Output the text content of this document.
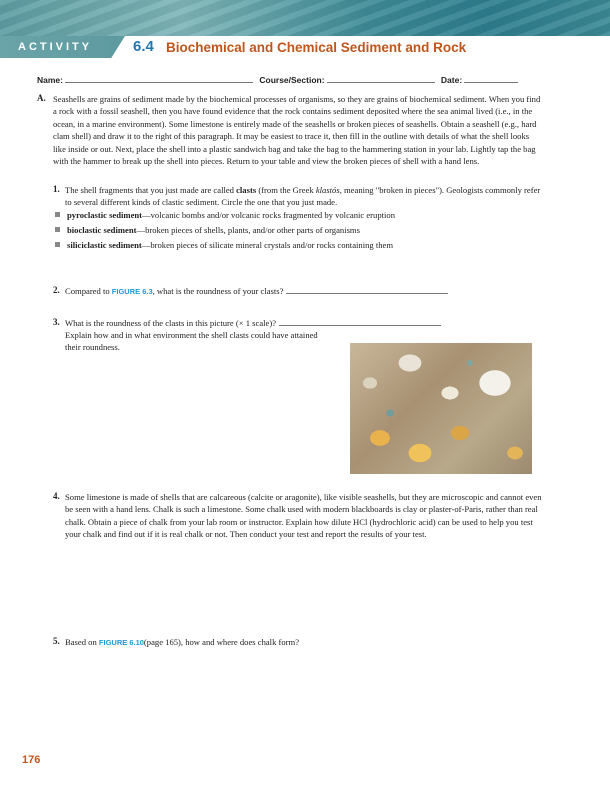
ACTIVITY	6.4 Biochemical and Chemical Sediment and Rock
Name:	Course/Section:	Date:
A. Seashells are grains of sediment made by the biochemical processes of organisms, so they are grains of biochemical sediment. When you find a rock with a fossil seashell, then you have found evidence that the rock contains sediment deposited where the sea animal lived (i.e., in the ocean, in a marine environment). Some limestone is entirely made of the seashells or broken pieces of seashells. Obtain a seashell (e.g., hard clam shell) and draw it to the right of this paragraph. It may be easiest to trace it, then fill in the outline with details of what the shell looks like inside or out. Next, place the shell into a plastic sandwich bag and take the bag to the hammering station in your lab. Lightly tap the bag with the hammer to break up the shell into pieces. Return to your table and view the broken pieces of shell with a hand lens.
1. The shell fragments that you just made are called clasts (from the Greek klastós, meaning "broken in pieces"). Geologists commonly refer to several different kinds of clastic sediment. Circle the one that you just made.
pyroclastic sediment—volcanic bombs and/or volcanic rocks fragmented by volcanic eruption
bioclastic sediment—broken pieces of shells, plants, and/or other parts of organisms
siliciclastic sediment—broken pieces of silicate mineral crystals and/or rocks containing them
2. Compared to FIGURE 6.3, what is the roundness of your clasts?
3. What is the roundness of the clasts in this picture (× 1 scale)?
Explain how and in what environment the shell clasts could have attained their roundness.
4. Some limestone is made of shells that are calcareous (calcite or aragonite), like visible seashells, but they are microscopic and cannot even be seen with a hand lens. Chalk is such a limestone. Some chalk used with modern blackboards is clay or plaster-of-Paris, rather than real chalk. Obtain a piece of chalk from your lab room or instructor. Explain how dilute HCl (hydrochloric acid) can be used to help you test your chalk and find out if it is real chalk or not. Then conduct your test and report the results of your test.
5. Based on FIGURE 6.10(page 165), how and where does chalk form?
176
